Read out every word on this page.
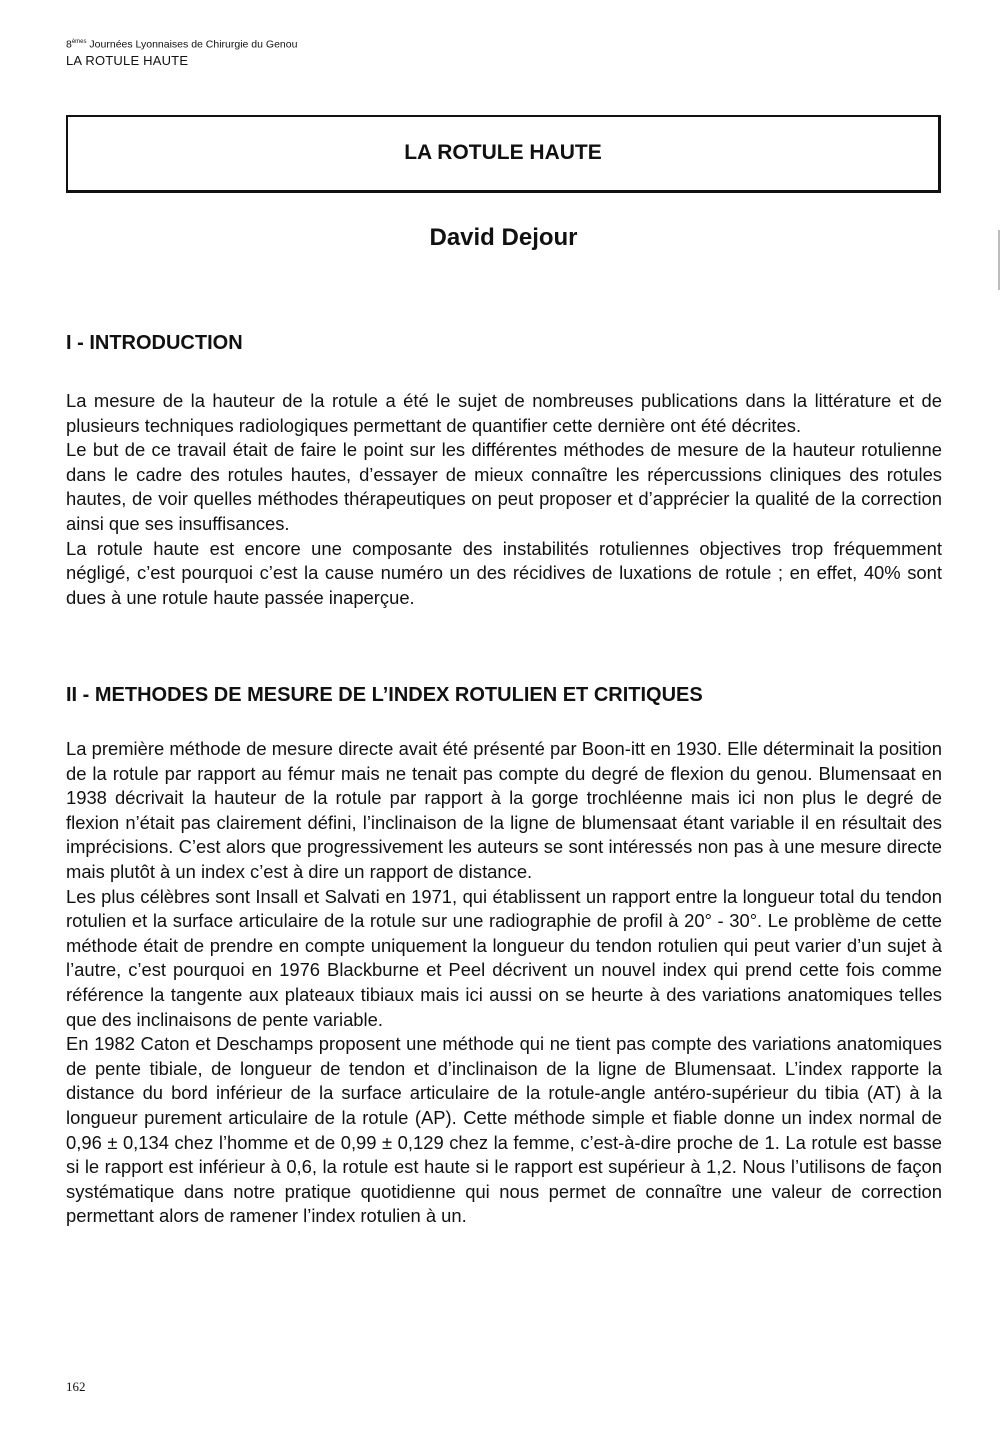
8èmes Journées Lyonnaises de Chirurgie du Genou
LA ROTULE HAUTE
LA ROTULE HAUTE
David Dejour
I - INTRODUCTION

La mesure de la hauteur de la rotule a été le sujet de nombreuses publications dans la littérature et de plusieurs techniques radiologiques permettant de quantifier cette dernière ont été décrites.

Le but de ce travail était de faire le point sur les différentes méthodes de mesure de la hauteur rotulienne dans le cadre des rotules hautes, d’essayer de mieux connaître les répercussions cliniques des rotules hautes, de voir quelles méthodes thérapeutiques on peut proposer et d’apprécier la qualité de la correction ainsi que ses insuffisances.

La rotule haute est encore une composante des instabilités rotuliennes objectives trop fréquemment négligé, c’est pourquoi c’est la cause numéro un des récidives de luxations de rotule ; en effet, 40% sont dues à une rotule haute passée inaperçue.

II - METHODES DE MESURE DE L’INDEX ROTULIEN ET CRITIQUES

La première méthode de mesure directe avait été présenté par Boon-itt en 1930. Elle déterminait la position de la rotule par rapport au fémur mais ne tenait pas compte du degré de flexion du genou. Blumensaat en 1938 décrivait la hauteur de la rotule par rapport à la gorge trochléenne mais ici non plus le degré de flexion n’était pas clairement défini, l’inclinaison de la ligne de blumensaat étant variable il en résultait des imprécisions. C’est alors que progressivement les auteurs se sont intéressés non pas à une mesure directe mais plutôt à un index c’est à dire un rapport de distance.

Les plus célèbres sont Insall et Salvati en 1971, qui établissent un rapport entre la longueur total du tendon rotulien et la surface articulaire de la rotule sur une radiographie de profil à 20° - 30°. Le problème de cette méthode était de prendre en compte uniquement la longueur du tendon rotulien qui peut varier d’un sujet à l’autre, c’est pourquoi en 1976 Blackburne et Peel décrivent un nouvel index qui prend cette fois comme référence la tangente aux plateaux tibiaux mais ici aussi on se heurte à des variations anatomiques telles que des inclinaisons de pente variable.

En 1982 Caton et Deschamps proposent une méthode qui ne tient pas compte des variations anatomiques de pente tibiale, de longueur de tendon et d’inclinaison de la ligne de Blumensaat. L’index rapporte la distance du bord inférieur de la surface articulaire de la rotule-angle antéro-supérieur du tibia (AT) à la longueur purement articulaire de la rotule (AP). Cette méthode simple et fiable donne un index normal de 0,96 ± 0,134 chez l’homme et de 0,99 ± 0,129 chez la femme, c’est-à-dire proche de 1. La rotule est basse si le rapport est inférieur à 0,6, la rotule est haute si le rapport est supérieur à 1,2. Nous l’utilisons de façon systématique dans notre pratique quotidienne qui nous permet de connaître une valeur de correction permettant alors de ramener l’index rotulien à un.

162
